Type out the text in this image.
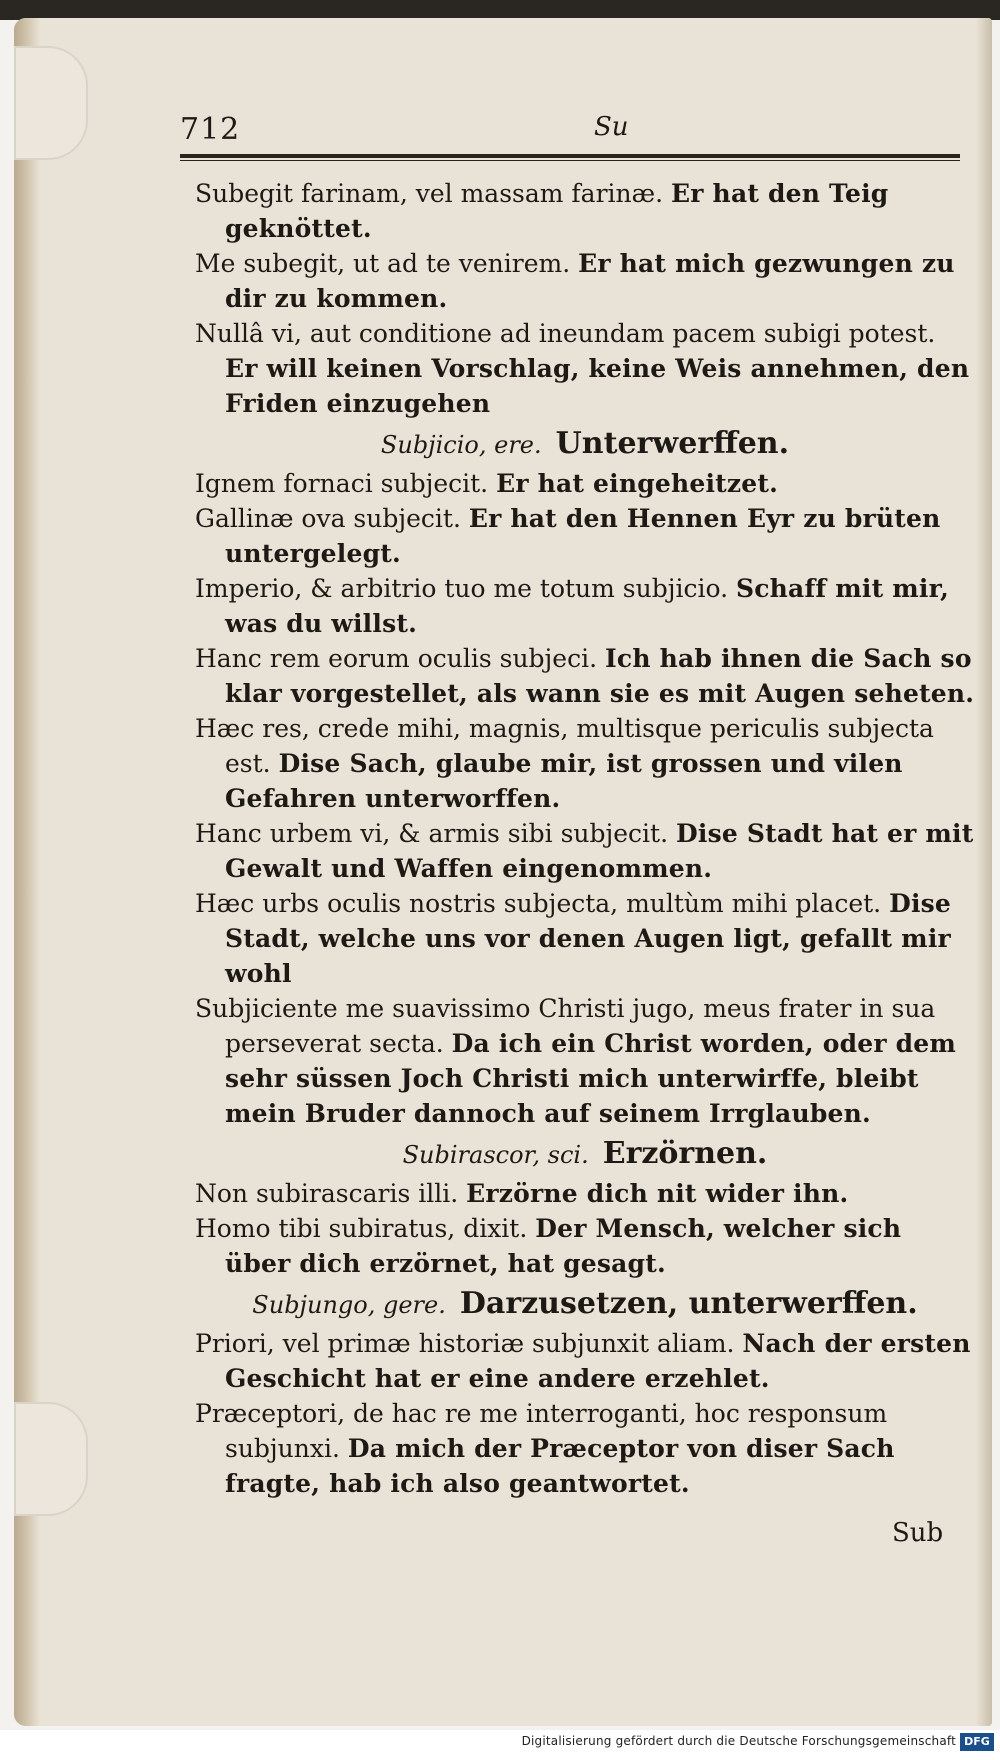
712	Su

Subegit farinam, vel massam farinæ. Er hat den Teig geknöttet.

Me subegit, ut ad te venirem. Er hat mich gezwungen zu dir zu kommen.

Nullâ vi, aut conditione ad ineundam pacem subigi potest. Er will keinen Vorschlag, keine Weis annehmen, den Friden einzugehen

Subjicio, ere. Unterwerffen.

Ignem fornaci subjecit. Er hat eingeheitzet.

Gallinæ ova subjecit. Er hat den Hennen Eyr zu brüten untergelegt.

Imperio, & arbitrio tuo me totum subjicio. Schaff mit mir, was du willst.

Hanc rem eorum oculis subjeci. Ich hab ihnen die Sach so klar vorgestellet, als wann sie es mit Augen seheten.

Hæc res, crede mihi, magnis, multisque periculis subjecta est. Dise Sach, glaube mir, ist grossen und vilen Gefahren unterworffen.

Hanc urbem vi, & armis sibi subjecit. Dise Stadt hat er mit Gewalt und Waffen eingenommen.

Hæc urbs oculis nostris subjecta, multùm mihi placet. Dise Stadt, welche uns vor denen Augen ligt, gefallt mir wohl

Subjiciente me suavissimo Christi jugo, meus frater in sua perseverat secta. Da ich ein Christ worden, oder dem sehr süssen Joch Christi mich unterwirffe, bleibt mein Bruder dannoch auf seinem Irrglauben.

Subirascor, sci. Erzörnen.

Non subirascaris illi. Erzörne dich nit wider ihn.

Homo tibi subiratus, dixit. Der Mensch, welcher sich über dich erzörnet, hat gesagt.

Subjungo, gere. Darzusetzen, unterwerffen.

Priori, vel primæ historiæ subjunxit aliam. Nach der ersten Geschicht hat er eine andere erzehlet.

Præceptori, de hac re me interroganti, hoc responsum subjunxi. Da mich der Præceptor von diser Sach fragte, hab ich also geantwortet.

Sub
Digitalisierung gefördert durch die Deutsche Forschungsgemeinschaft DFG
